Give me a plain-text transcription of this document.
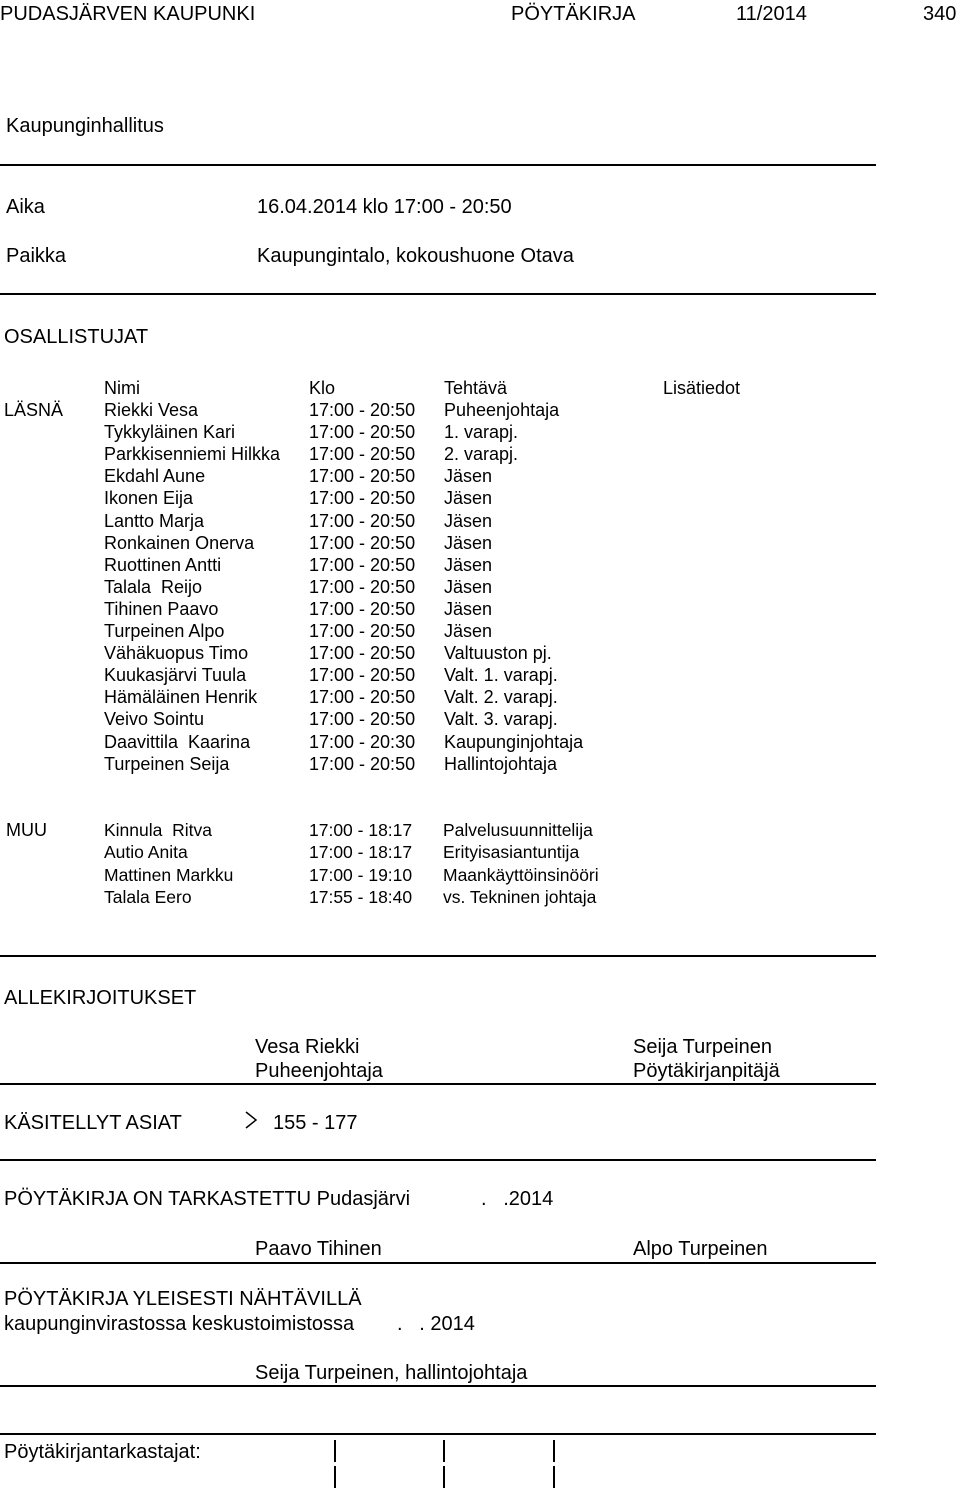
PUDASJÄRVEN KAUPUNKI	PÖYTÄKIRJA	11/2014	340
Kaupunginhallitus
Aika	16.04.2014 klo 17:00 - 20:50
Paikka	Kaupungintalo, kokoushuone Otava
OSALLISTUJAT
Nimi	Klo	Tehtävä	Lisätiedot
LÄSNÄ Riekki Vesa	17:00 - 20:50 Puheenjohtaja
Tykkyläinen Kari	17:00 - 20:50 1. varapj.
Parkkisenniemi Hilkka 17:00 - 20:50 2. varapj.
Ekdahl Aune	17:00 - 20:50 Jäsen
Ikonen Eija	17:00 - 20:50 Jäsen
Lantto Marja	17:00 - 20:50 Jäsen
Ronkainen Onerva	17:00 - 20:50 Jäsen
Ruottinen Antti	17:00 - 20:50 Jäsen
Talala  Reijo	17:00 - 20:50 Jäsen
Tihinen Paavo	17:00 - 20:50 Jäsen
Turpeinen Alpo	17:00 - 20:50 Jäsen
Vähäkuopus Timo	17:00 - 20:50 Valtuuston pj.
Kuukasjärvi Tuula	17:00 - 20:50 Valt. 1. varapj.
Hämäläinen Henrik	17:00 - 20:50 Valt. 2. varapj.
Veivo Sointu	17:00 - 20:50 Valt. 3. varapj.
Daavittila  Kaarina	17:00 - 20:30 Kaupunginjohtaja
Turpeinen Seija	17:00 - 20:50 Hallintojohtaja
MUU	Kinnula  Ritva	17:00 - 18:17 Palvelusuunnittelija
Autio Anita	17:00 - 18:17 Erityisasiantuntija
Mattinen Markku	17:00 - 19:10 Maankäyttöinsinööri
Talala Eero	17:55 - 18:40 vs. Tekninen johtaja
ALLEKIRJOITUKSET
Vesa Riekki
Puheenjohtaja
Seija Turpeinen
Pöytäkirjanpitäjä
KÄSITELLYT ASIAT	155 - 177
PÖYTÄKIRJA ON TARKASTETTU Pudasjärvi	.   .2014
Paavo Tihinen	Alpo Turpeinen
PÖYTÄKIRJA YLEISESTI NÄHTÄVILLÄ
kaupunginvirastossa keskustoimistossa .   . 2014
Seija Turpeinen, hallintojohtaja
Pöytäkirjantarkastajat:
